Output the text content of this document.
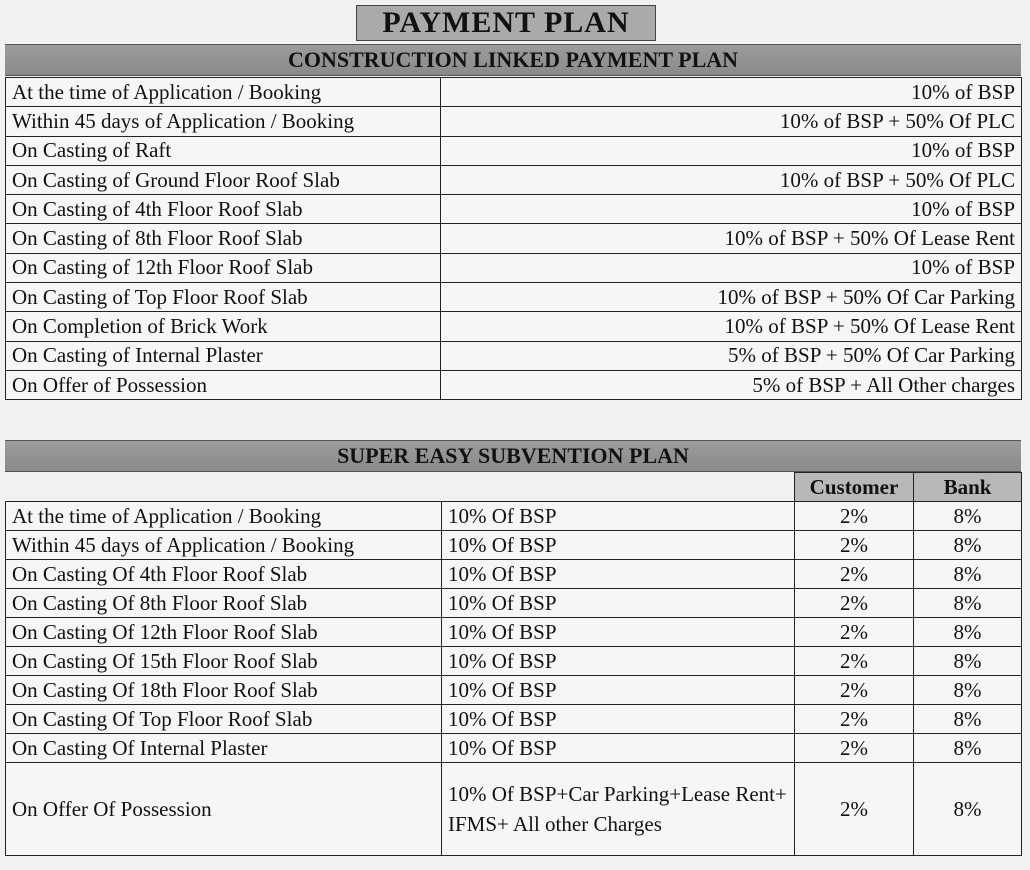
PAYMENT PLAN
CONSTRUCTION LINKED PAYMENT PLAN
At the time of Application / Booking	10% of BSP
Within 45 days of Application / Booking	10% of BSP + 50% Of PLC
On Casting of Raft	10% of BSP
On Casting of Ground Floor Roof Slab	10% of BSP + 50% Of PLC
On Casting of 4th Floor Roof Slab	10% of BSP
On Casting of 8th Floor Roof Slab	10% of BSP + 50% Of Lease Rent
On Casting of 12th Floor Roof Slab	10% of BSP
On Casting of Top Floor Roof Slab	10% of BSP + 50% Of Car Parking
On Completion of Brick Work	10% of BSP + 50% Of Lease Rent
On Casting of Internal Plaster	5% of BSP + 50% Of Car Parking
On Offer of Possession	5% of BSP + All Other charges
SUPER EASY SUBVENTION PLAN
		Customer	Bank
At the time of Application / Booking	10% Of BSP	2%	8%
Within 45 days of Application / Booking	10% Of BSP	2%	8%
On Casting Of 4th Floor Roof Slab	10% Of BSP	2%	8%
On Casting Of 8th Floor Roof Slab	10% Of BSP	2%	8%
On Casting Of 12th Floor Roof Slab	10% Of BSP	2%	8%
On Casting Of 15th Floor Roof Slab	10% Of BSP	2%	8%
On Casting Of 18th Floor Roof Slab	10% Of BSP	2%	8%
On Casting Of Top Floor Roof Slab	10% Of BSP	2%	8%
On Casting Of Internal Plaster	10% Of BSP	2%	8%
On Offer Of Possession	10% Of BSP+Car Parking+Lease Rent+ IFMS+ All other Charges	2%	8%
